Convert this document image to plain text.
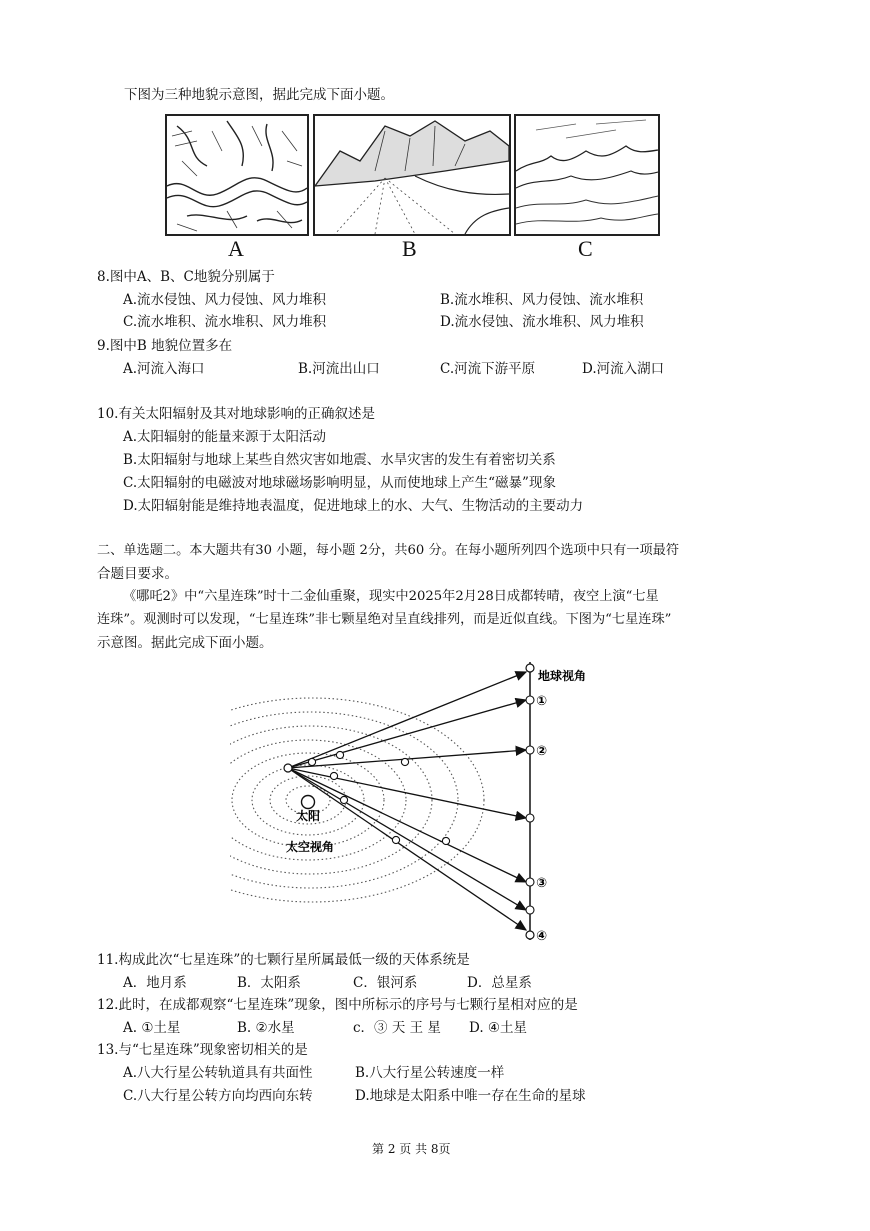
下图为三种地貌示意图，据此完成下面小题。
A	B	C
8.图中A、B、C地貌分别属于
A.流水侵蚀、风力侵蚀、风力堆积	B.流水堆积、风力侵蚀、流水堆积
C.流水堆积、流水堆积、风力堆积	D.流水侵蚀、流水堆积、风力堆积
9.图中B 地貌位置多在
A.河流入海口	B.河流出山口	C.河流下游平原	D.河流入湖口
10.有关太阳辐射及其对地球影响的正确叙述是
A.太阳辐射的能量来源于太阳活动
B.太阳辐射与地球上某些自然灾害如地震、水旱灾害的发生有着密切关系
C.太阳辐射的电磁波对地球磁场影响明显，从而使地球上产生“磁暴”现象
D.太阳辐射能是维持地表温度，促进地球上的水、大气、生物活动的主要动力
二、单选题二。本大题共有30 小题，每小题 2分，共60 分。在每小题所列四个选项中只有一项最符
合题目要求。
《哪吒2》中“六星连珠”时十二金仙重聚，现实中2025年2月28日成都转晴，夜空上演“七星
连珠”。观测时可以发现，“七星连珠”非七颗星绝对呈直线排列，而是近似直线。下图为“七星连珠”
示意图。据此完成下面小题。
地球视角
太阳
太空视角
①
②
③
④
11.构成此次“七星连珠”的七颗行星所属最低一级的天体系统是
A．地月系	B．太阳系	C．银河系	D．总星系
12.此时，在成都观察“七星连珠”现象，图中所标示的序号与七颗行星相对应的是
A. ①土星	B. ②水星	c．③ 天 王 星 D. ④土星
13.与“七星连珠”现象密切相关的是
A.八大行星公转轨道具有共面性	B.八大行星公转速度一样
C.八大行星公转方向均西向东转	D.地球是太阳系中唯一存在生命的星球
第 2 页 共 8页
